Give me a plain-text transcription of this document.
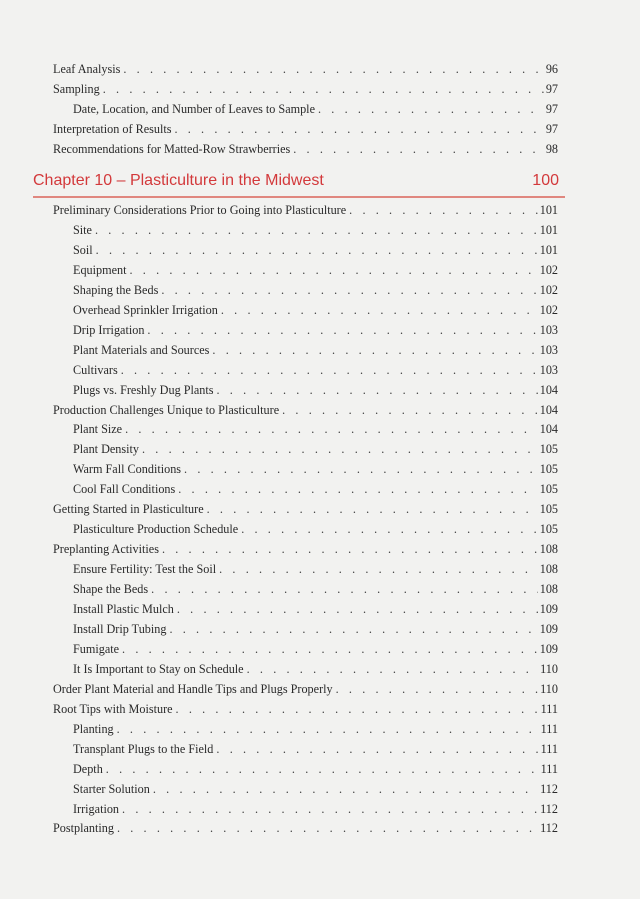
Leaf Analysis . . .	96
Sampling . . .	97
Date, Location, and Number of Leaves to Sample . . .	97
Interpretation of Results . . .	97
Recommendations for Matted-Row Strawberries . . .	98
Chapter 10 – Plasticulture in the Midwest	100
Preliminary Considerations Prior to Going into Plasticulture . . .	101
Site . . .	101
Soil . . .	101
Equipment . . .	102
Shaping the Beds . . .	102
Overhead Sprinkler Irrigation . . .	102
Drip Irrigation . . .	103
Plant Materials and Sources . . .	103
Cultivars . . .	103
Plugs vs. Freshly Dug Plants . . .	104
Production Challenges Unique to Plasticulture . . .	104
Plant Size . . .	104
Plant Density . . .	105
Warm Fall Conditions . . .	105
Cool Fall Conditions . . .	105
Getting Started in Plasticulture . . .	105
Plasticulture Production Schedule . . .	105
Preplanting Activities . . .	108
Ensure Fertility: Test the Soil . . .	108
Shape the Beds . . .	108
Install Plastic Mulch . . .	109
Install Drip Tubing . . .	109
Fumigate . . .	109
It Is Important to Stay on Schedule . . .	110
Order Plant Material and Handle Tips and Plugs Properly . . .	110
Root Tips with Moisture . . .	111
Planting . . .	111
Transplant Plugs to the Field . . .	111
Depth . . .	111
Starter Solution . . .	112
Irrigation . . .	112
Postplanting . . .	112
